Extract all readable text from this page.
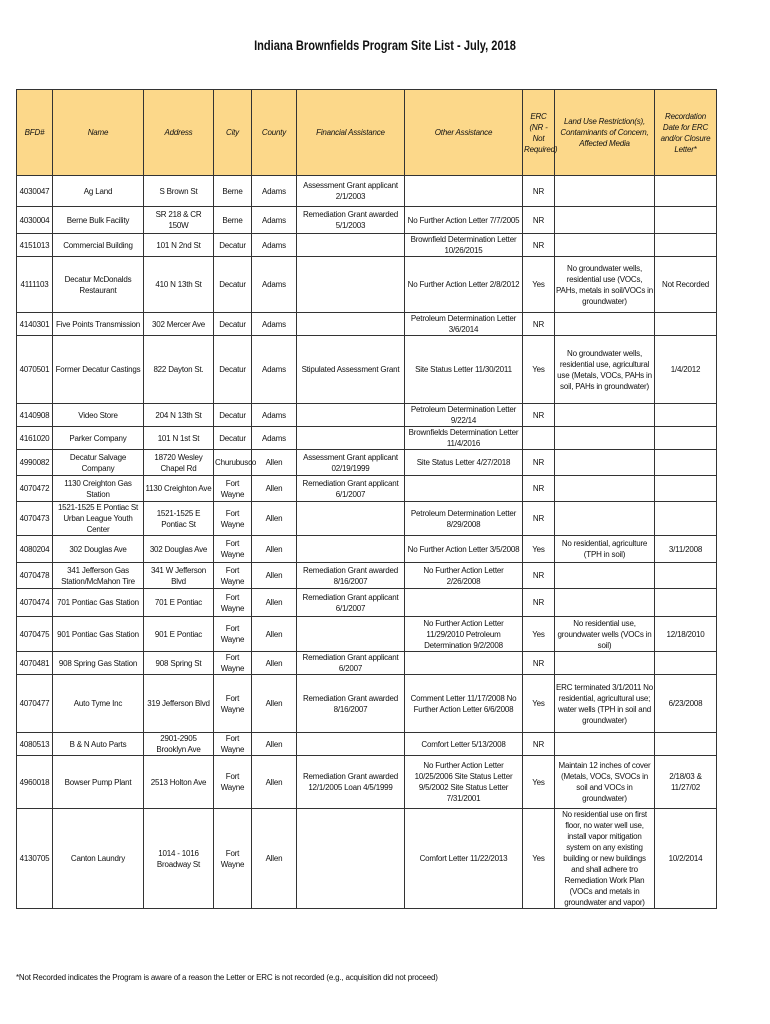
Indiana Brownfields Program Site List - July, 2018
BFD#	Name	Address	City	County	Financial Assistance	Other Assistance	ERC (NR - Not Required)	Land Use Restriction(s), Contaminants of Concern, Affected Media	Recordation Date for ERC and/or Closure Letter*
4030047	Ag Land	S Brown St	Berne	Adams	Assessment Grant applicant 2/1/2003		NR		
4030004	Berne Bulk Facility	SR 218 & CR 150W	Berne	Adams	Remediation Grant awarded 5/1/2003	No Further Action Letter 7/7/2005	NR		
4151013	Commercial Building	101 N 2nd St	Decatur	Adams		Brownfield Determination Letter 10/26/2015	NR		
4111103	Decatur McDonalds Restaurant	410 N 13th St	Decatur	Adams		No Further Action Letter 2/8/2012	Yes	No groundwater wells, residential use (VOCs, PAHs, metals in soil/VOCs in groundwater)	Not Recorded
4140301	Five Points Transmission	302 Mercer Ave	Decatur	Adams		Petroleum Determination Letter 3/6/2014	NR		
4070501	Former Decatur Castings	822 Dayton St.	Decatur	Adams	Stipulated Assessment Grant	Site Status Letter 11/30/2011	Yes	No groundwater wells, residential use, agricultural use (Metals, VOCs, PAHs in soil, PAHs in groundwater)	1/4/2012
4140908	Video Store	204 N 13th St	Decatur	Adams		Petroleum Determination Letter 9/22/14	NR		
4161020	Parker Company	101 N 1st St	Decatur	Adams		Brownfields Determination Letter 11/4/2016			
4990082	Decatur Salvage Company	18720 Wesley Chapel Rd	Churubusco	Allen	Assessment Grant applicant 02/19/1999	Site Status Letter 4/27/2018	NR		
4070472	1130 Creighton Gas Station	1130 Creighton Ave	Fort Wayne	Allen	Remediation Grant applicant 6/1/2007		NR		
4070473	1521-1525 E Pontiac St Urban League Youth Center	1521-1525 E Pontiac St	Fort Wayne	Allen		Petroleum Determination Letter 8/29/2008	NR		
4080204	302 Douglas Ave	302 Douglas Ave	Fort Wayne	Allen		No Further Action Letter 3/5/2008	Yes	No residential, agriculture (TPH in soil)	3/11/2008
4070478	341 Jefferson Gas Station/McMahon Tire	341 W Jefferson Blvd	Fort Wayne	Allen	Remediation Grant awarded 8/16/2007	No Further Action Letter 2/26/2008	NR		
4070474	701 Pontiac Gas Station	701 E Pontiac	Fort Wayne	Allen	Remediation Grant applicant 6/1/2007		NR		
4070475	901 Pontiac Gas Station	901 E Pontiac	Fort Wayne	Allen		No Further Action Letter 11/29/2010 Petroleum Determination 9/2/2008	Yes	No residential use, groundwater wells (VOCs in soil)	12/18/2010
4070481	908 Spring Gas Station	908 Spring St	Fort Wayne	Allen	Remediation Grant applicant 6/2007		NR		
4070477	Auto Tyme Inc	319 Jefferson Blvd	Fort Wayne	Allen	Remediation Grant awarded 8/16/2007	Comment Letter 11/17/2008 No Further Action Letter 6/6/2008	Yes	ERC terminated 3/1/2011 No residential, agricultural use; water wells (TPH in soil and groundwater)	6/23/2008
4080513	B & N Auto Parts	2901-2905 Brooklyn Ave	Fort Wayne	Allen		Comfort Letter 5/13/2008	NR		
4960018	Bowser Pump Plant	2513 Holton Ave	Fort Wayne	Allen	Remediation Grant awarded 12/1/2005 Loan 4/5/1999	No Further Action Letter 10/25/2006 Site Status Letter 9/5/2002 Site Status Letter 7/31/2001	Yes	Maintain 12 inches of cover (Metals, VOCs, SVOCs in soil and VOCs in groundwater)	2/18/03 & 11/27/02
4130705	Canton Laundry	1014 - 1016 Broadway St	Fort Wayne	Allen		Comfort Letter 11/22/2013	Yes	No residential use on first floor, no water well use, install vapor mitigation system on any existing building or new buildings and shall adhere tro Remediation Work Plan (VOCs and metals in groundwater and vapor)	10/2/2014
*Not Recorded indicates the Program is aware of a reason the Letter or ERC is not recorded (e.g., acquisition did not proceed)
